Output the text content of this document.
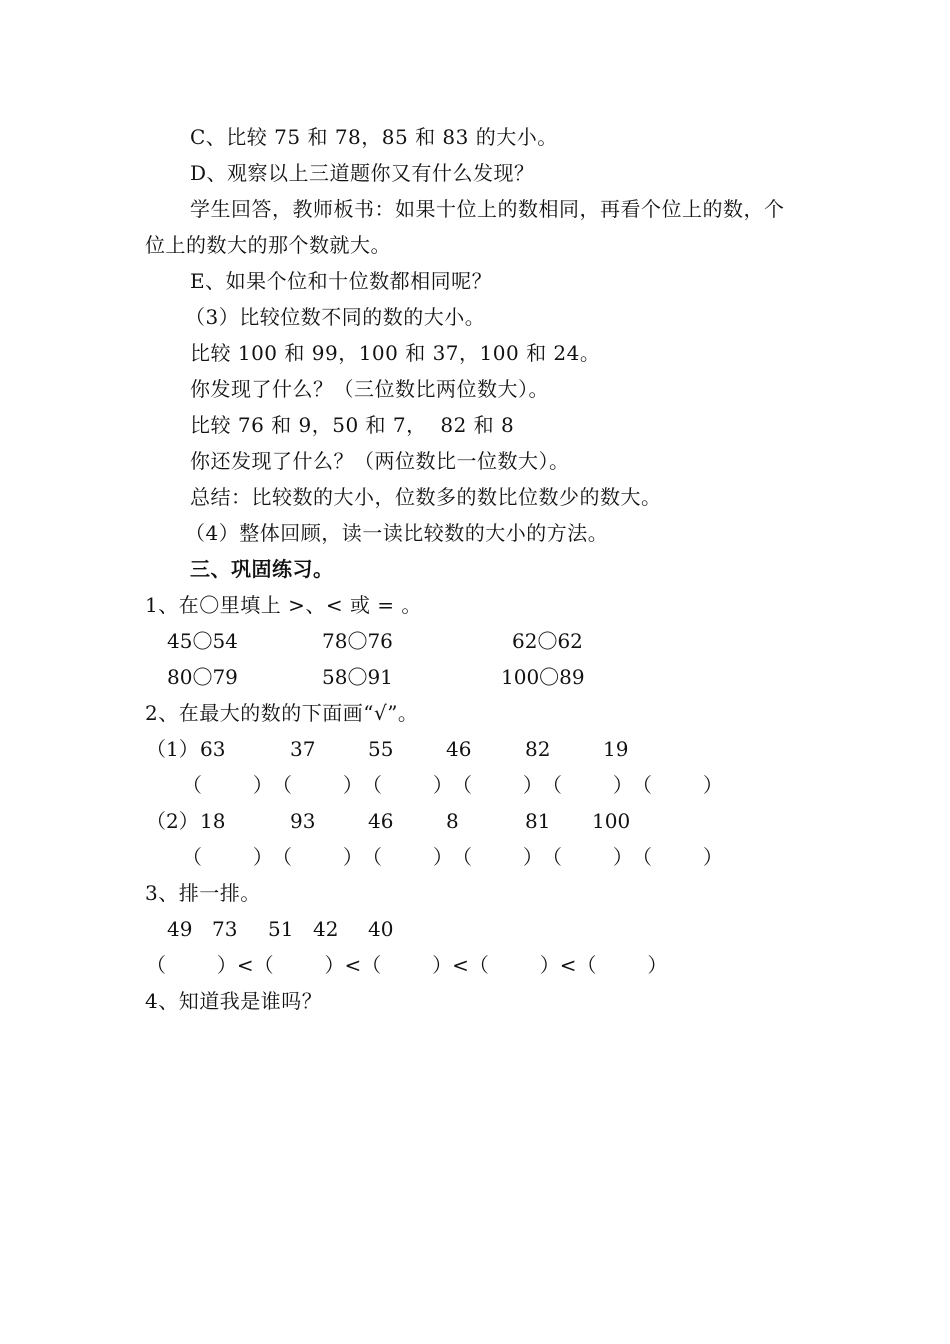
C、比较 75 和 78，85 和 83 的大小。
D、观察以上三道题你又有什么发现？
学生回答，教师板书：如果十位上的数相同，再看个位上的数，个
位上的数大的那个数就大。
E、如果个位和十位数都相同呢？
（3）比较位数不同的数的大小。
比较 100 和 99，100 和 37，100 和 24。
你发现了什么？（三位数比两位数大）。
比较 76 和 9，50 和 7，  82 和 8
你还发现了什么？（两位数比一位数大）。
总结：比较数的大小，位数多的数比位数少的数大。
（4）整体回顾，读一读比较数的大小的方法。
三、巩固练习。
1、在〇里填上 >、< 或 = 。
45〇54	78〇76	62〇62
80〇79	58〇91	100〇89
2、在最大的数的下面画“√”。
（1） 63	37	55	46	82	19
（        ） （        ） （        ） （        ） （        ） （        ）
（2） 18	93	46	8	81 100
（        ） （        ） （        ） （        ） （        ） （        ）
3、排一排。
49 73 51 42 40
（        ）<（        ）<（        ）<（        ）<（        ）
4、知道我是谁吗？
